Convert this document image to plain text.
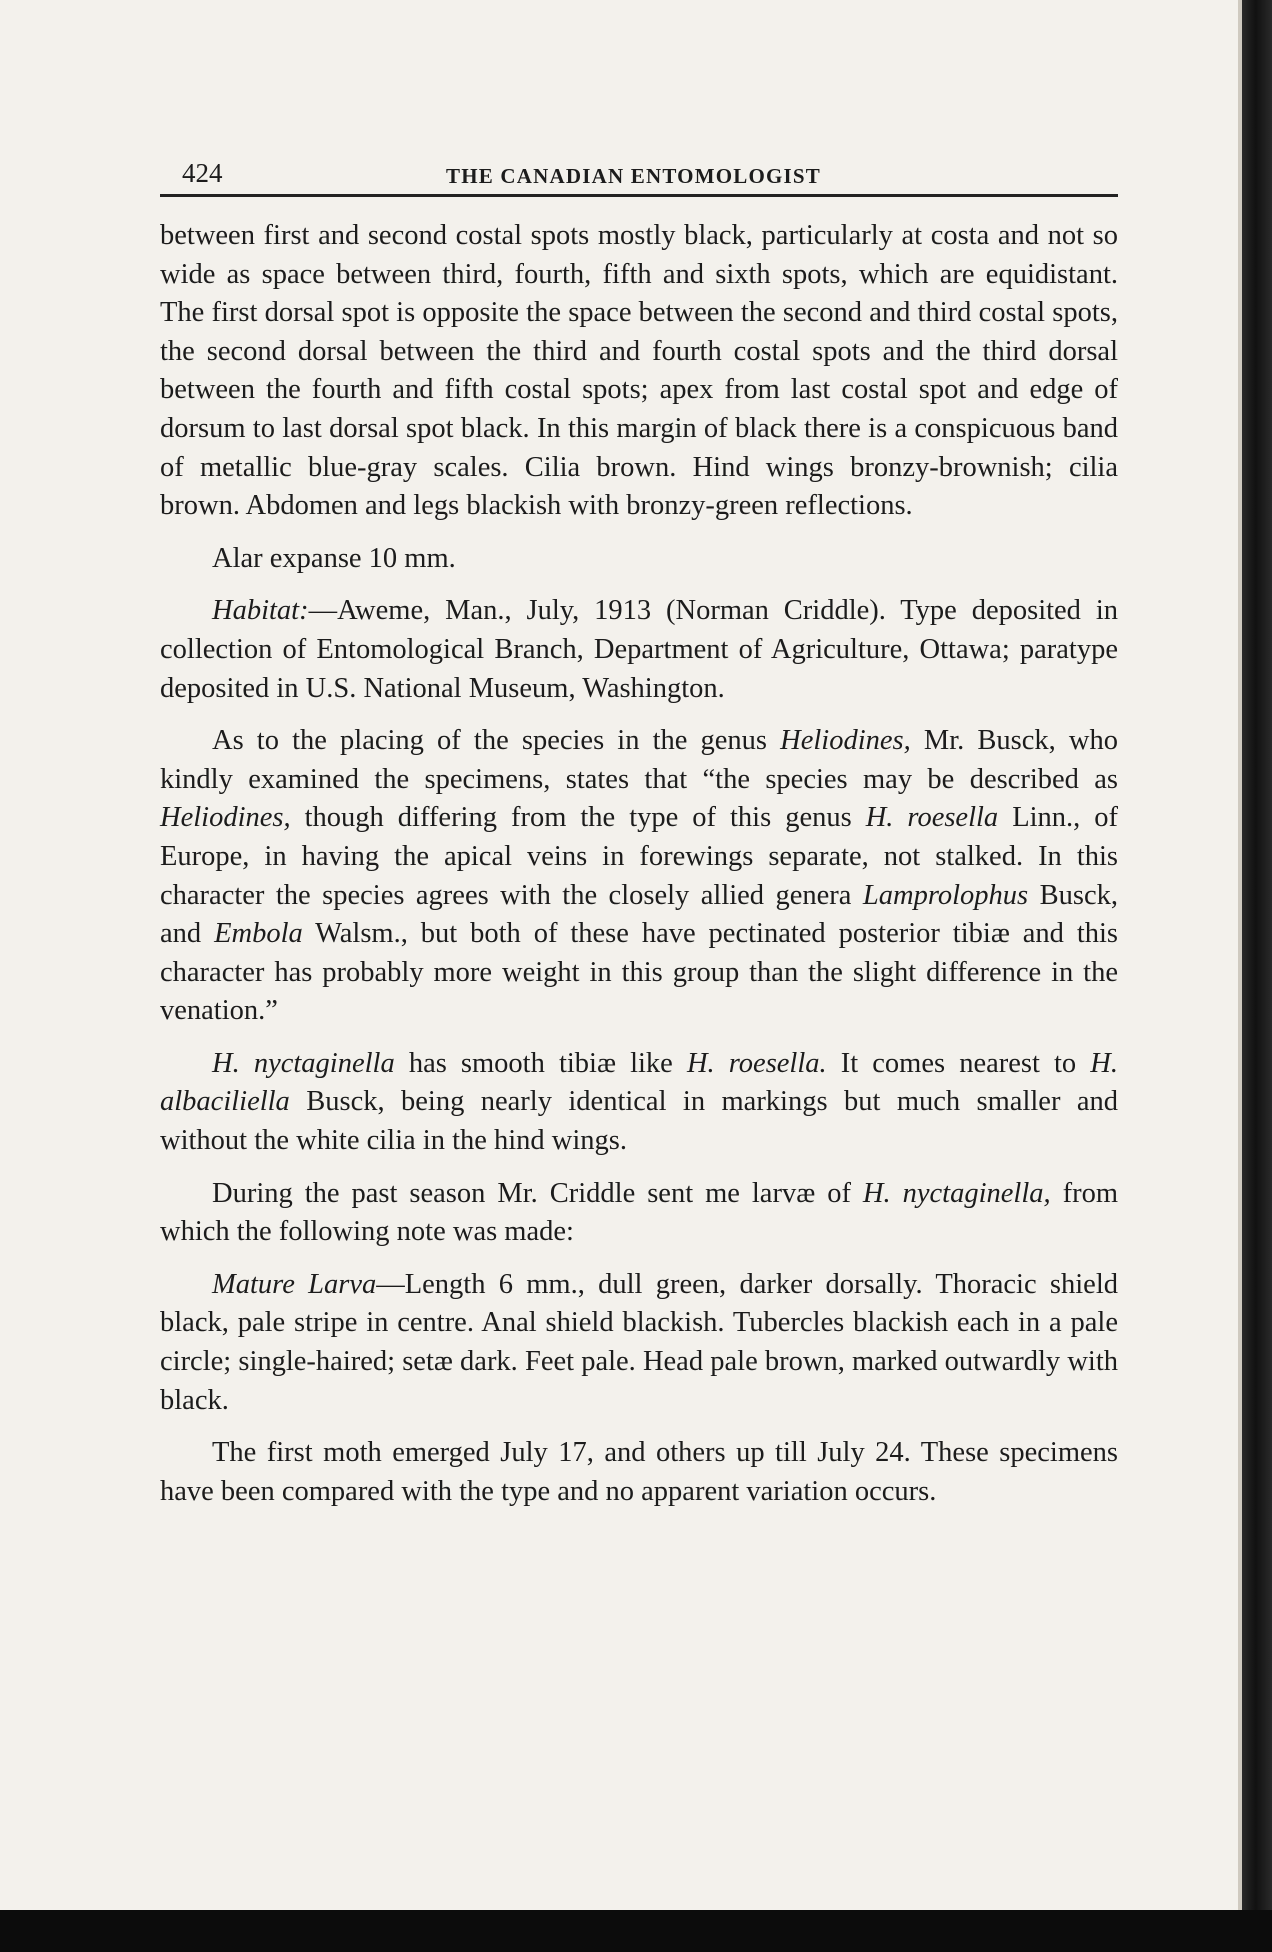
424	THE CANADIAN ENTOMOLOGIST

between first and second costal spots mostly black, particularly at costa and not so wide as space between third, fourth, fifth and sixth spots, which are equidistant. The first dorsal spot is opposite the space between the second and third costal spots, the second dorsal between the third and fourth costal spots and the third dorsal between the fourth and fifth costal spots; apex from last costal spot and edge of dorsum to last dorsal spot black. In this margin of black there is a conspicuous band of metallic blue-gray scales. Cilia brown. Hind wings bronzy-brownish; cilia brown. Abdomen and legs blackish with bronzy-green reflections.

Alar expanse 10 mm.

Habitat:—Aweme, Man., July, 1913 (Norman Criddle). Type deposited in collection of Entomological Branch, Department of Agriculture, Ottawa; paratype deposited in U.S. National Museum, Washington.

As to the placing of the species in the genus Heliodines, Mr. Busck, who kindly examined the specimens, states that “the species may be described as Heliodines, though differing from the type of this genus H. roesella Linn., of Europe, in having the apical veins in forewings separate, not stalked. In this character the species agrees with the closely allied genera Lamprolophus Busck, and Embola Walsm., but both of these have pectinated posterior tibiæ and this character has probably more weight in this group than the slight difference in the venation.”

H. nyctaginella has smooth tibiæ like H. roesella. It comes nearest to H. albaciliella Busck, being nearly identical in markings but much smaller and without the white cilia in the hind wings.

During the past season Mr. Criddle sent me larvæ of H. nyctaginella, from which the following note was made:

Mature Larva—Length 6 mm., dull green, darker dorsally. Thoracic shield black, pale stripe in centre. Anal shield blackish. Tubercles blackish each in a pale circle; single-haired; setæ dark. Feet pale. Head pale brown, marked outwardly with black.

The first moth emerged July 17, and others up till July 24. These specimens have been compared with the type and no apparent variation occurs.
